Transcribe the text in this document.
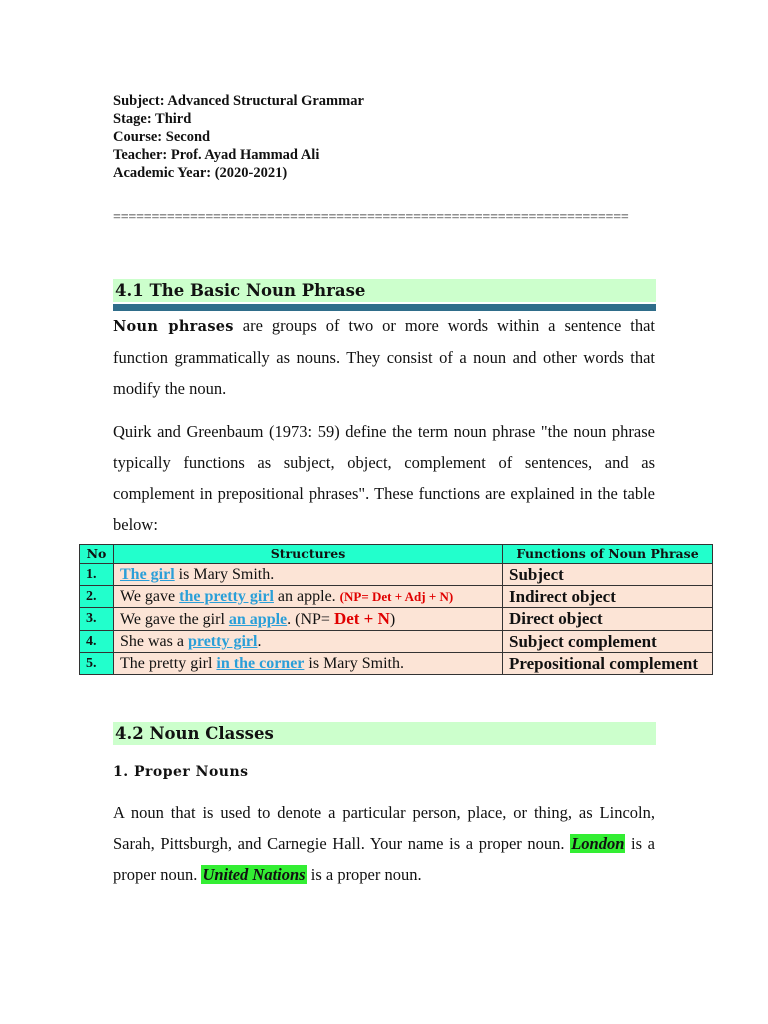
Subject: Advanced Structural Grammar
Stage: Third
Course: Second
Teacher: Prof. Ayad Hammad Ali
Academic Year: (2020-2021)
===================================================================
4.1 The Basic Noun Phrase
Noun phrases are groups of two or more words within a sentence that function grammatically as nouns. They consist of a noun and other words that modify the noun.
Quirk and Greenbaum (1973: 59) define the term noun phrase "the noun phrase typically functions as subject, object, complement of sentences, and as complement in prepositional phrases". These functions are explained in the table below:
No	Structures	Functions of Noun Phrase
1.	The girl is Mary Smith.	Subject
2.	We gave the pretty girl an apple. (NP= Det + Adj + N)	Indirect object
3.	We gave the girl an apple. (NP= Det + N)	Direct object
4.	She was a pretty girl.	Subject complement
5.	The pretty girl in the corner is Mary Smith.	Prepositional complement
4.2 Noun Classes
1. Proper Nouns
A noun that is used to denote a particular person, place, or thing, as Lincoln, Sarah, Pittsburgh, and Carnegie Hall. Your name is a proper noun. London is a proper noun. United Nations is a proper noun.
